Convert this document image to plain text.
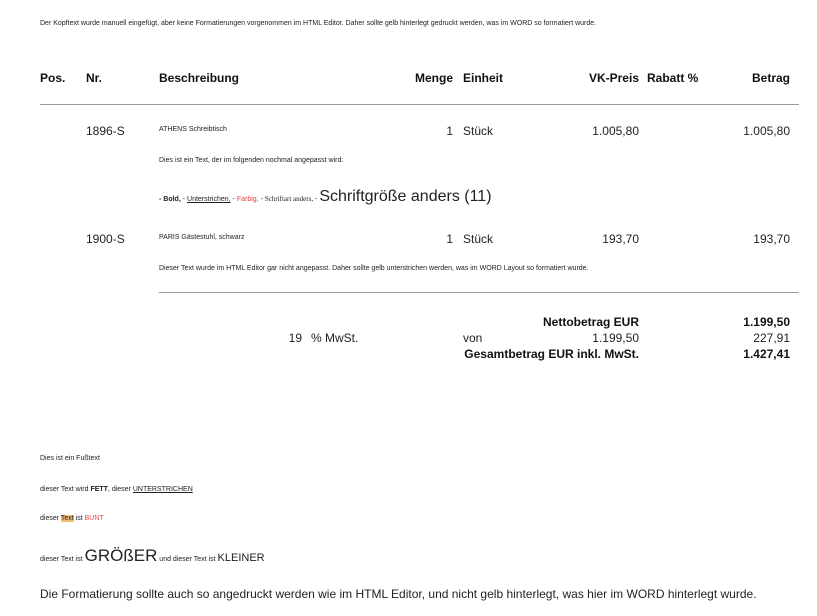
Der Kopftext wurde manuell eingefügt, aber keine Formatierungen vorgenommen im HTML Editor. Daher sollte gelb hinterlegt gedruckt werden, was im WORD so formatiert wurde.
Pos. Nr.	Beschreibung	Menge Einheit	VK-Preis Rabatt %	Betrag
1896-S	ATHENS Schreibtisch	1 Stück	1.005,80	1.005,80
Dies ist ein Text, der im folgenden nochmal angepasst wird:
- Bold, - Unterstrichen, - Farbig, - Schriftart anders, - Schriftgröße anders (11)
1900-S	PARIS Gästestuhl, schwarz	1 Stück	193,70	193,70
Dieser Text wurde im HTML Editor gar nicht angepasst. Daher sollte gelb unterstrichen werden, was im WORD Layout so formatiert wurde.
Nettobetrag EUR	1.199,50
19 % MwSt.	von	1.199,50	227,91
Gesamtbetrag EUR inkl. MwSt.	1.427,41
Dies ist ein Fußtext
dieser Text wird FETT, dieser UNTERSTRICHEN
dieser Text ist BUNT
dieser Text ist GRÖßER und dieser Text ist KLEINER
Die Formatierung sollte auch so angedruckt werden wie im HTML Editor, und nicht gelb hinterlegt, was hier im WORD hinterlegt wurde.
